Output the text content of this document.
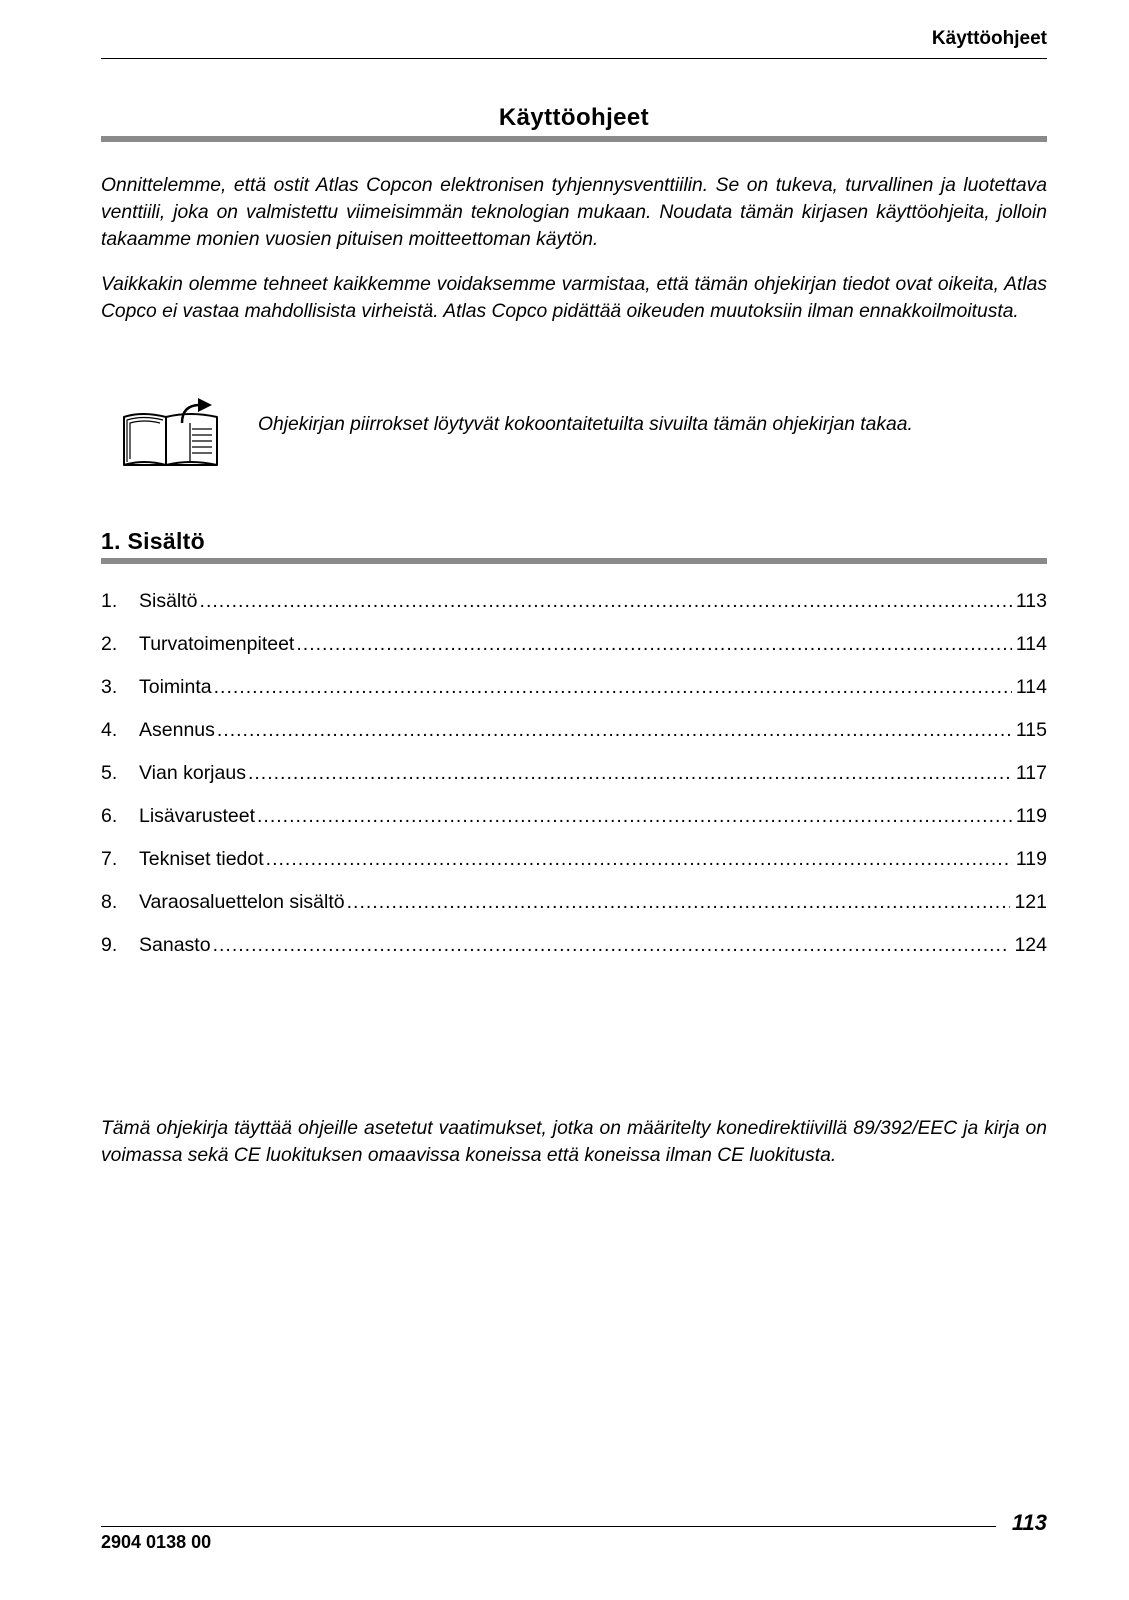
Käyttöohjeet
Käyttöohjeet

Onnittelemme, että ostit Atlas Copcon elektronisen tyhjennysventtiilin. Se on tukeva, turvallinen ja luotettava venttiili, joka on valmistettu viimeisimmän teknologian mukaan. Noudata tämän kirjasen käyttöohjeita, jolloin takaamme monien vuosien pituisen moitteettoman käytön.

Vaikkakin olemme tehneet kaikkemme voidaksemme varmistaa, että tämän ohjekirjan tiedot ovat oikeita, Atlas Copco ei vastaa mahdollisista virheistä. Atlas Copco pidättää oikeuden muutoksiin ilman ennakkoilmoitusta.

Ohjekirjan piirrokset löytyvät kokoontaitetuilta sivuilta tämän ohjekirjan takaa.
1. Sisältö
1.	Sisältö .....	113
2.	Turvatoimenpiteet .....	114
3.	Toiminta .....	114
4.	Asennus .....	115
5.	Vian korjaus .....	117
6.	Lisävarusteet .....	119
7.	Tekniset tiedot .....	119
8.	Varaosaluettelon sisältö .....	121
9.	Sanasto .....	124

Tämä ohjekirja täyttää ohjeille asetetut vaatimukset, jotka on määritelty konedirektiivillä 89/392/EEC ja kirja on voimassa sekä CE luokituksen omaavissa koneissa että koneissa ilman CE luokitusta.

2904 0138 00
113
